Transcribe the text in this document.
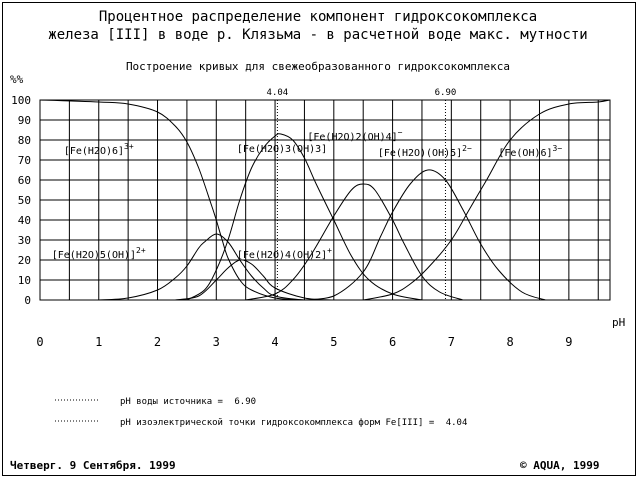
Процентное распределение компонент гидроксокомплекса
железа [III] в воде р. Клязьма - в расчетной воде макс. мутности
Построение кривых для свежеобразованного гидроксокомплекса
%%
pH
0
10
20
30
40
50
60
70
80
90
100
0	1	2	3	4	5	6	7	8	9
4.04	6.90
$[Fe(H2O)6]^{3+}$
$[Fe(H2O)5(OH)]^{2+}$	[Fe(H2O)4(OH)2]+
[Fe(H2O)3(OH)3]
[Fe(H2O)2(OH)4]−
$[Fe(H2O)(OH)5]^{2-}$	$[Fe(OH)6]^{3-}$
pH воды источника = 6.90
pH изоэлектрической точки гидроксокомплекса форм Fe[III] = 4.04
Четверг. 9 Сентября. 1999	© AQUA, 1999
